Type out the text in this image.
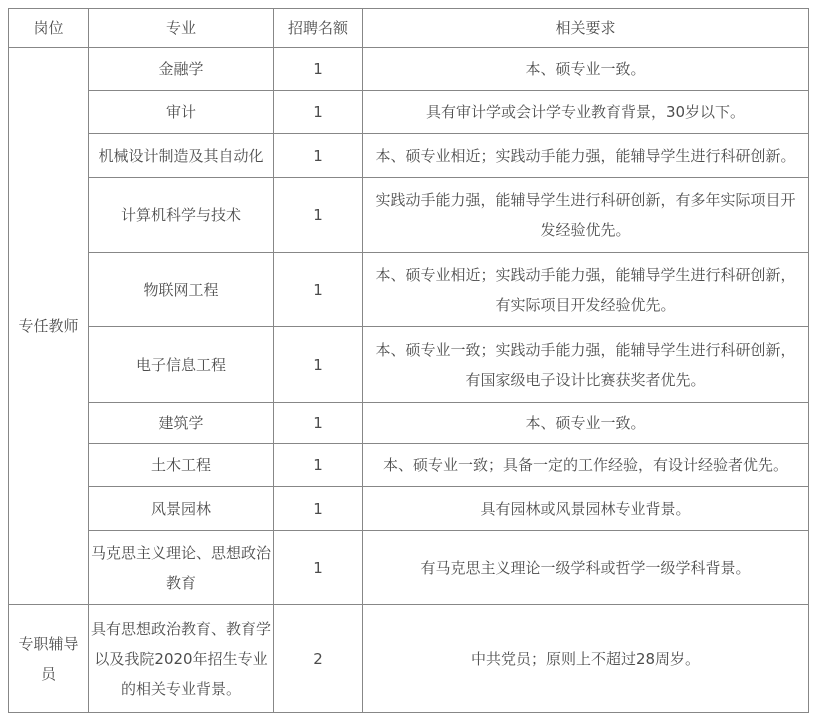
岗位	专业	招聘名额	相关要求
专任教师	金融学	1	本、硕专业一致。
	审计	1	具有审计学或会计学专业教育背景，30岁以下。
	机械设计制造及其自动化	1	本、硕专业相近；实践动手能力强，能辅导学生进行科研创新。
	计算机科学与技术	1	实践动手能力强，能辅导学生进行科研创新，有多年实际项目开发经验优先。
	物联网工程	1	本、硕专业相近；实践动手能力强，能辅导学生进行科研创新，有实际项目开发经验优先。
	电子信息工程	1	本、硕专业一致；实践动手能力强，能辅导学生进行科研创新，有国家级电子设计比赛获奖者优先。
	建筑学	1	本、硕专业一致。
	土木工程	1	本、硕专业一致；具备一定的工作经验，有设计经验者优先。
	风景园林	1	具有园林或风景园林专业背景。
	马克思主义理论、思想政治教育	1	有马克思主义理论一级学科或哲学一级学科背景。
专职辅导员	具有思想政治教育、教育学以及我院2020年招生专业的相关专业背景。	2	中共党员；原则上不超过28周岁。
